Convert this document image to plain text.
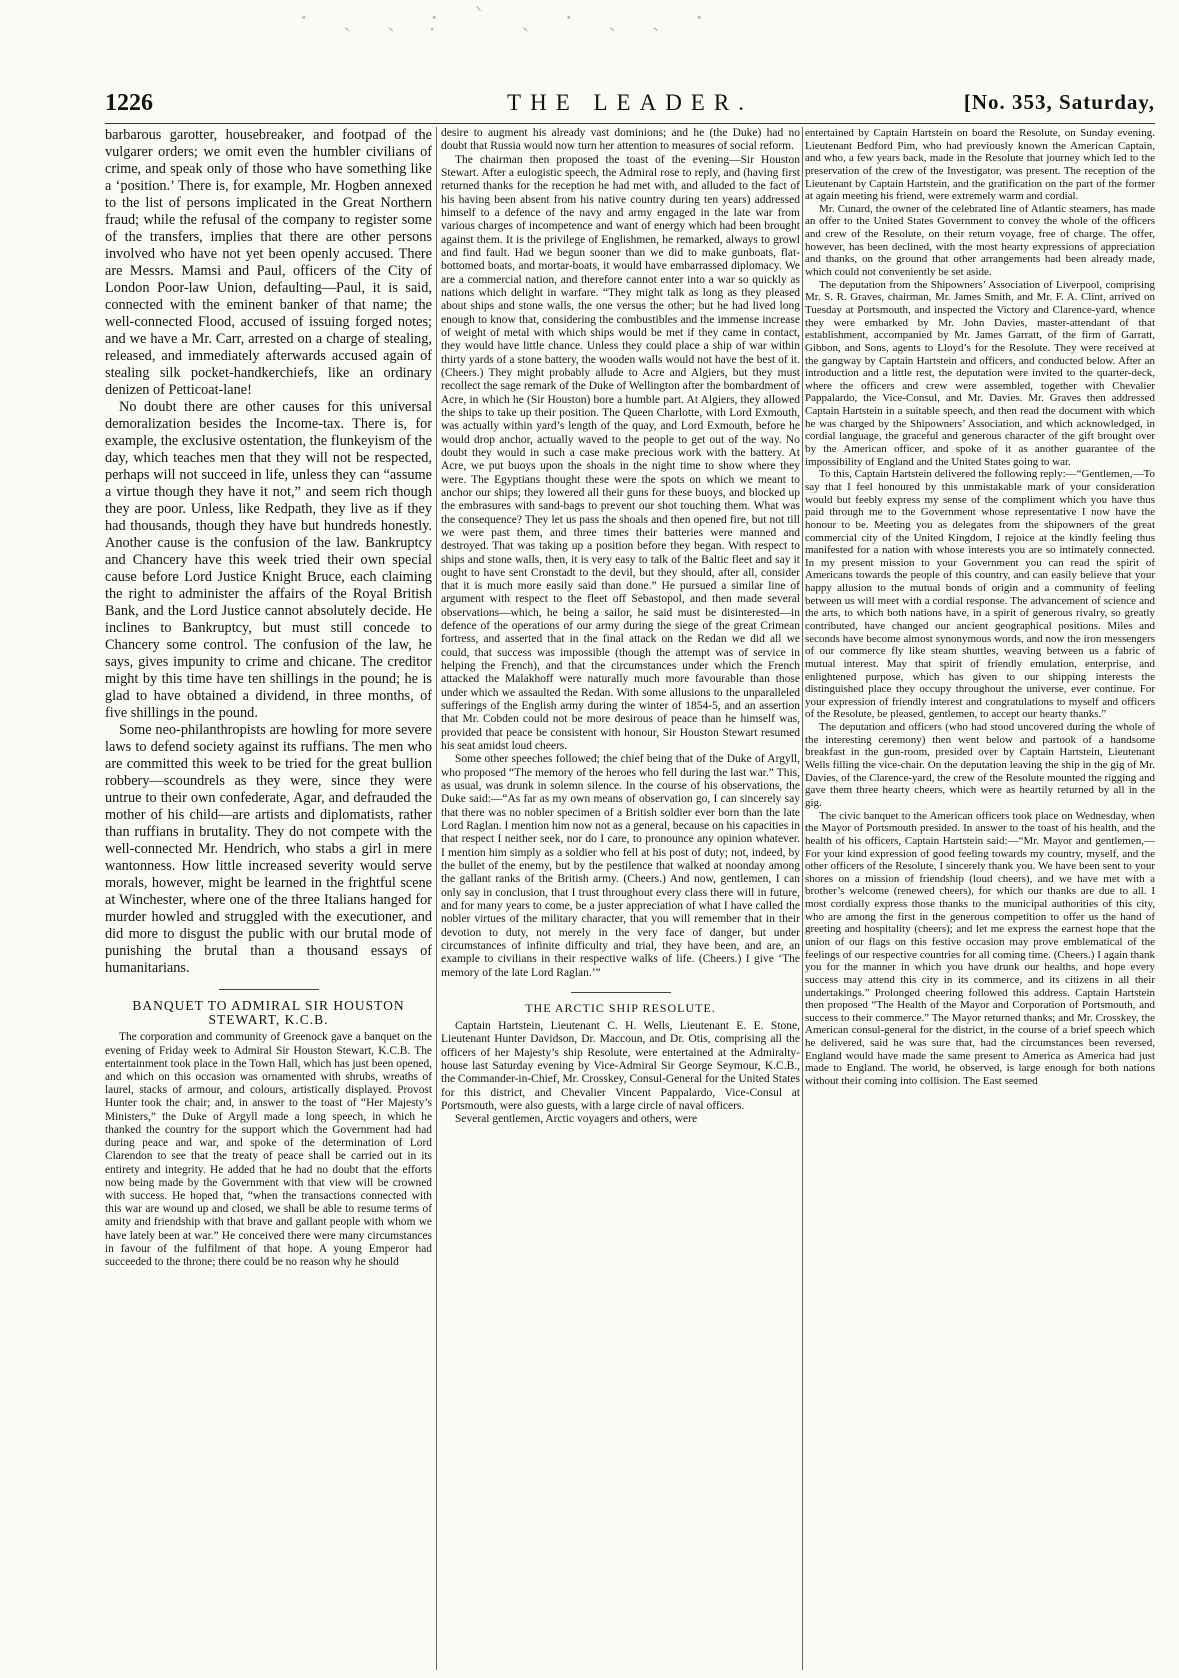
· ˎ ˏ ·̣ ˋ ˏ · ˎ ˏ ·
1226	THE LEADER.	[No. 353, Saturday,

barbarous garotter, housebreaker, and footpad of the vulgarer orders; we omit even the humbler civilians of crime, and speak only of those who have something like a ‘position.’ There is, for example, Mr. Hogben annexed to the list of persons implicated in the Great Northern fraud; while the refusal of the company to register some of the transfers, implies that there are other persons involved who have not yet been openly accused. There are Messrs. Mamsi and Paul, officers of the City of London Poor-law Union, defaulting—Paul, it is said, connected with the eminent banker of that name; the well-connected Flood, accused of issuing forged notes; and we have a Mr. Carr, arrested on a charge of stealing, released, and immediately afterwards accused again of stealing silk pocket-handkerchiefs, like an ordinary denizen of Petticoat-lane!

No doubt there are other causes for this universal demoralization besides the Income-tax. There is, for example, the exclusive ostentation, the flunkeyism of the day, which teaches men that they will not be respected, perhaps will not succeed in life, unless they can “assume a virtue though they have it not,” and seem rich though they are poor. Unless, like Redpath, they live as if they had thousands, though they have but hundreds honestly. Another cause is the confusion of the law. Bankruptcy and Chancery have this week tried their own special cause before Lord Justice Knight Bruce, each claiming the right to administer the affairs of the Royal British Bank, and the Lord Justice cannot absolutely decide. He inclines to Bankruptcy, but must still concede to Chancery some control. The confusion of the law, he says, gives impunity to crime and chicane. The creditor might by this time have ten shillings in the pound; he is glad to have obtained a dividend, in three months, of five shillings in the pound.

Some neo-philanthropists are howling for more severe laws to defend society against its ruffians. The men who are committed this week to be tried for the great bullion robbery—scoundrels as they were, since they were untrue to their own confederate, Agar, and defrauded the mother of his child—are artists and diplomatists, rather than ruffians in brutality. They do not compete with the well-connected Mr. Hendrich, who stabs a girl in mere wantonness. How little increased severity would serve morals, however, might be learned in the frightful scene at Winchester, where one of the three Italians hanged for murder howled and struggled with the executioner, and did more to disgust the public with our brutal mode of punishing the brutal than a thousand essays of humanitarians.

BANQUET TO ADMIRAL SIR HOUSTON STEWART, K.C.B.

The corporation and community of Greenock gave a banquet on the evening of Friday week to Admiral Sir Houston Stewart, K.C.B. The entertainment took place in the Town Hall, which has just been opened, and which on this occasion was ornamented with shrubs, wreaths of laurel, stacks of armour, and colours, artistically displayed. Provost Hunter took the chair; and, in answer to the toast of “Her Majesty’s Ministers,” the Duke of Argyll made a long speech, in which he thanked the country for the support which the Government had had during peace and war, and spoke of the determination of Lord Clarendon to see that the treaty of peace shall be carried out in its entirety and integrity. He added that he had no doubt that the efforts now being made by the Government with that view will be crowned with success. He hoped that, “when the transactions connected with this war are wound up and closed, we shall be able to resume terms of amity and friendship with that brave and gallant people with whom we have lately been at war.” He conceived there were many circumstances in favour of the fulfilment of that hope. A young Emperor had succeeded to the throne; there could be no reason why he should

desire to augment his already vast dominions; and he (the Duke) had no doubt that Russia would now turn her attention to measures of social reform.

The chairman then proposed the toast of the evening—Sir Houston Stewart. After a eulogistic speech, the Admiral rose to reply, and (having first returned thanks for the reception he had met with, and alluded to the fact of his having been absent from his native country during ten years) addressed himself to a defence of the navy and army engaged in the late war from various charges of incompetence and want of energy which had been brought against them. It is the privilege of Englishmen, he remarked, always to growl and find fault. Had we begun sooner than we did to make gunboats, flat-bottomed boats, and mortar-boats, it would have embarrassed diplomacy. We are a commercial nation, and therefore cannot enter into a war so quickly as nations which delight in warfare. “They might talk as long as they pleased about ships and stone walls, the one versus the other; but he had lived long enough to know that, considering the combustibles and the immense increase of weight of metal with which ships would be met if they came in contact, they would have little chance. Unless they could place a ship of war within thirty yards of a stone battery, the wooden walls would not have the best of it. (Cheers.) They might probably allude to Acre and Algiers, but they must recollect the sage remark of the Duke of Wellington after the bombardment of Acre, in which he (Sir Houston) bore a humble part. At Algiers, they allowed the ships to take up their position. The Queen Charlotte, with Lord Exmouth, was actually within yard’s length of the quay, and Lord Exmouth, before he would drop anchor, actually waved to the people to get out of the way. No doubt they would in such a case make precious work with the battery. At Acre, we put buoys upon the shoals in the night time to show where they were. The Egyptians thought these were the spots on which we meant to anchor our ships; they lowered all their guns for these buoys, and blocked up the embrasures with sand-bags to prevent our shot touching them. What was the consequence? They let us pass the shoals and then opened fire, but not till we were past them, and three times their batteries were manned and destroyed. That was taking up a position before they began. With respect to ships and stone walls, then, it is very easy to talk of the Baltic fleet and say it ought to have sent Cronstadt to the devil, but they should, after all, consider that it is much more easily said than done.” He pursued a similar line of argument with respect to the fleet off Sebastopol, and then made several observations—which, he being a sailor, he said must be disinterested—in defence of the operations of our army during the siege of the great Crimean fortress, and asserted that in the final attack on the Redan we did all we could, that success was impossible (though the attempt was of service in helping the French), and that the circumstances under which the French attacked the Malakhoff were naturally much more favourable than those under which we assaulted the Redan. With some allusions to the unparalleled sufferings of the English army during the winter of 1854-5, and an assertion that Mr. Cobden could not be more desirous of peace than he himself was, provided that peace be consistent with honour, Sir Houston Stewart resumed his seat amidst loud cheers.

Some other speeches followed; the chief being that of the Duke of Argyll, who proposed “The memory of the heroes who fell during the last war.” This, as usual, was drunk in solemn silence. In the course of his observations, the Duke said:—“As far as my own means of observation go, I can sincerely say that there was no nobler specimen of a British soldier ever born than the late Lord Raglan. I mention him now not as a general, because on his capacities in that respect I neither seek, nor do I care, to pronounce any opinion whatever. I mention him simply as a soldier who fell at his post of duty; not, indeed, by the bullet of the enemy, but by the pestilence that walked at noonday among the gallant ranks of the British army. (Cheers.) And now, gentlemen, I can only say in conclusion, that I trust throughout every class there will in future, and for many years to come, be a juster appreciation of what I have called the nobler virtues of the military character, that you will remember that in their devotion to duty, not merely in the very face of danger, but under circumstances of infinite difficulty and trial, they have been, and are, an example to civilians in their respective walks of life. (Cheers.) I give ‘The memory of the late Lord Raglan.’”

THE ARCTIC SHIP RESOLUTE.

Captain Hartstein, Lieutenant C. H. Wells, Lieutenant E. E. Stone, Lieutenant Hunter Davidson, Dr. Maccoun, and Dr. Otis, comprising all the officers of her Majesty’s ship Resolute, were entertained at the Admiralty-house last Saturday evening by Vice-Admiral Sir George Seymour, K.C.B., the Commander-in-Chief, Mr. Crosskey, Consul-General for the United States for this district, and Chevalier Vincent Pappalardo, Vice-Consul at Portsmouth, were also guests, with a large circle of naval officers.

Several gentlemen, Arctic voyagers and others, were

entertained by Captain Hartstein on board the Resolute, on Sunday evening. Lieutenant Bedford Pim, who had previously known the American Captain, and who, a few years back, made in the Resolute that journey which led to the preservation of the crew of the Investigator, was present. The reception of the Lieutenant by Captain Hartstein, and the gratification on the part of the former at again meeting his friend, were extremely warm and cordial.

Mr. Cunard, the owner of the celebrated line of Atlantic steamers, has made an offer to the United States Government to convey the whole of the officers and crew of the Resolute, on their return voyage, free of charge. The offer, however, has been declined, with the most hearty expressions of appreciation and thanks, on the ground that other arrangements had been already made, which could not conveniently be set aside.

The deputation from the Shipowners’ Association of Liverpool, comprising Mr. S. R. Graves, chairman, Mr. James Smith, and Mr. F. A. Clint, arrived on Tuesday at Portsmouth, and inspected the Victory and Clarence-yard, whence they were embarked by Mr. John Davies, master-attendant of that establishment, accompanied by Mr. James Garratt, of the firm of Garratt, Gibbon, and Sons, agents to Lloyd’s for the Resolute. They were received at the gangway by Captain Hartstein and officers, and conducted below. After an introduction and a little rest, the deputation were invited to the quarter-deck, where the officers and crew were assembled, together with Chevalier Pappalardo, the Vice-Consul, and Mr. Davies. Mr. Graves then addressed Captain Hartstein in a suitable speech, and then read the document with which he was charged by the Shipowners’ Association, and which acknowledged, in cordial language, the graceful and generous character of the gift brought over by the American officer, and spoke of it as another guarantee of the impossibility of England and the United States going to war.

To this, Captain Hartstein delivered the following reply:—“Gentlemen,—To say that I feel honoured by this unmistakable mark of your consideration would but feebly express my sense of the compliment which you have thus paid through me to the Government whose representative I now have the honour to be. Meeting you as delegates from the shipowners of the great commercial city of the United Kingdom, I rejoice at the kindly feeling thus manifested for a nation with whose interests you are so intimately connected. In my present mission to your Government you can read the spirit of Americans towards the people of this country, and can easily believe that your happy allusion to the mutual bonds of origin and a community of feeling between us will meet with a cordial response. The advancement of science and the arts, to which both nations have, in a spirit of generous rivalry, so greatly contributed, have changed our ancient geographical positions. Miles and seconds have become almost synonymous words, and now the iron messengers of our commerce fly like steam shuttles, weaving between us a fabric of mutual interest. May that spirit of friendly emulation, enterprise, and enlightened purpose, which has given to our shipping interests the distinguished place they occupy throughout the universe, ever continue. For your expression of friendly interest and congratulations to myself and officers of the Resolute, be pleased, gentlemen, to accept our hearty thanks.”

The deputation and officers (who had stood uncovered during the whole of the interesting ceremony) then went below and partook of a handsome breakfast in the gun-room, presided over by Captain Hartstein, Lieutenant Wells filling the vice-chair. On the deputation leaving the ship in the gig of Mr. Davies, of the Clarence-yard, the crew of the Resolute mounted the rigging and gave them three hearty cheers, which were as heartily returned by all in the gig.

The civic banquet to the American officers took place on Wednesday, when the Mayor of Portsmouth presided. In answer to the toast of his health, and the health of his officers, Captain Hartstein said:—“Mr. Mayor and gentlemen,—For your kind expression of good feeling towards my country, myself, and the other officers of the Resolute, I sincerely thank you. We have been sent to your shores on a mission of friendship (loud cheers), and we have met with a brother’s welcome (renewed cheers), for which our thanks are due to all. I most cordially express those thanks to the municipal authorities of this city, who are among the first in the generous competition to offer us the hand of greeting and hospitality (cheers); and let me express the earnest hope that the union of our flags on this festive occasion may prove emblematical of the feelings of our respective countries for all coming time. (Cheers.) I again thank you for the manner in which you have drunk our healths, and hope every success may attend this city in its commerce, and its citizens in all their undertakings.” Prolonged cheering followed this address. Captain Hartstein then proposed “The Health of the Mayor and Corporation of Portsmouth, and success to their commerce.” The Mayor returned thanks; and Mr. Crosskey, the American consul-general for the district, in the course of a brief speech which he delivered, said he was sure that, had the circumstances been reversed, England would have made the same present to America as America had just made to England. The world, he observed, is large enough for both nations without their coming into collision. The East seemed
